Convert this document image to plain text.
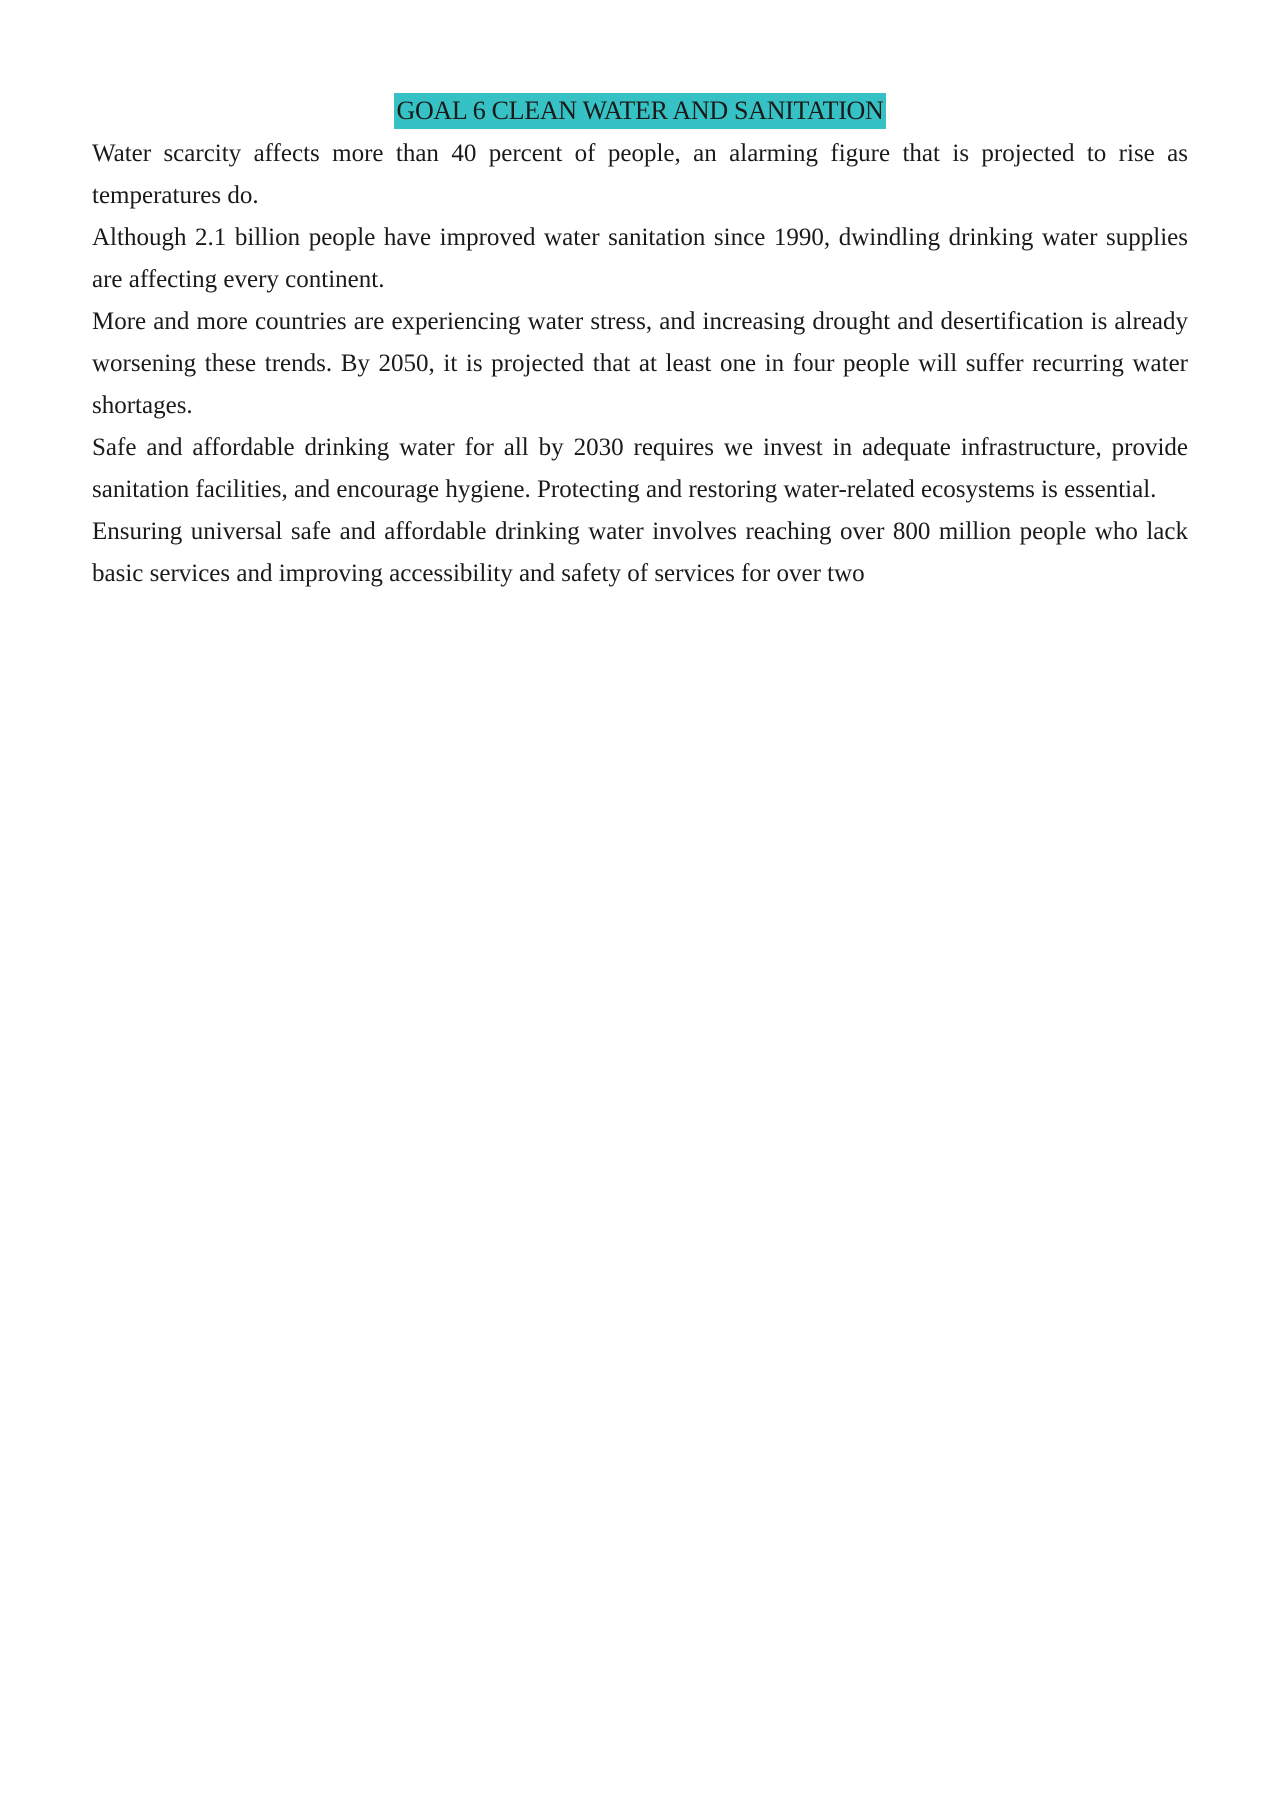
GOAL 6 CLEAN WATER AND SANITATION

Water scarcity affects more than 40 percent of people, an alarming figure that is projected to rise as temperatures do.

Although 2.1 billion people have improved water sanitation since 1990, dwindling drinking water supplies are affecting every continent.

More and more countries are experiencing water stress, and increasing drought and desertification is already worsening these trends. By 2050, it is projected that at least one in four people will suffer recurring water shortages.

Safe and affordable drinking water for all by 2030 requires we invest in adequate infrastructure, provide sanitation facilities, and encourage hygiene. Protecting and restoring water-related ecosystems is essential.

Ensuring universal safe and affordable drinking water involves reaching over 800 million people who lack basic services and improving accessibility and safety of services for over two
